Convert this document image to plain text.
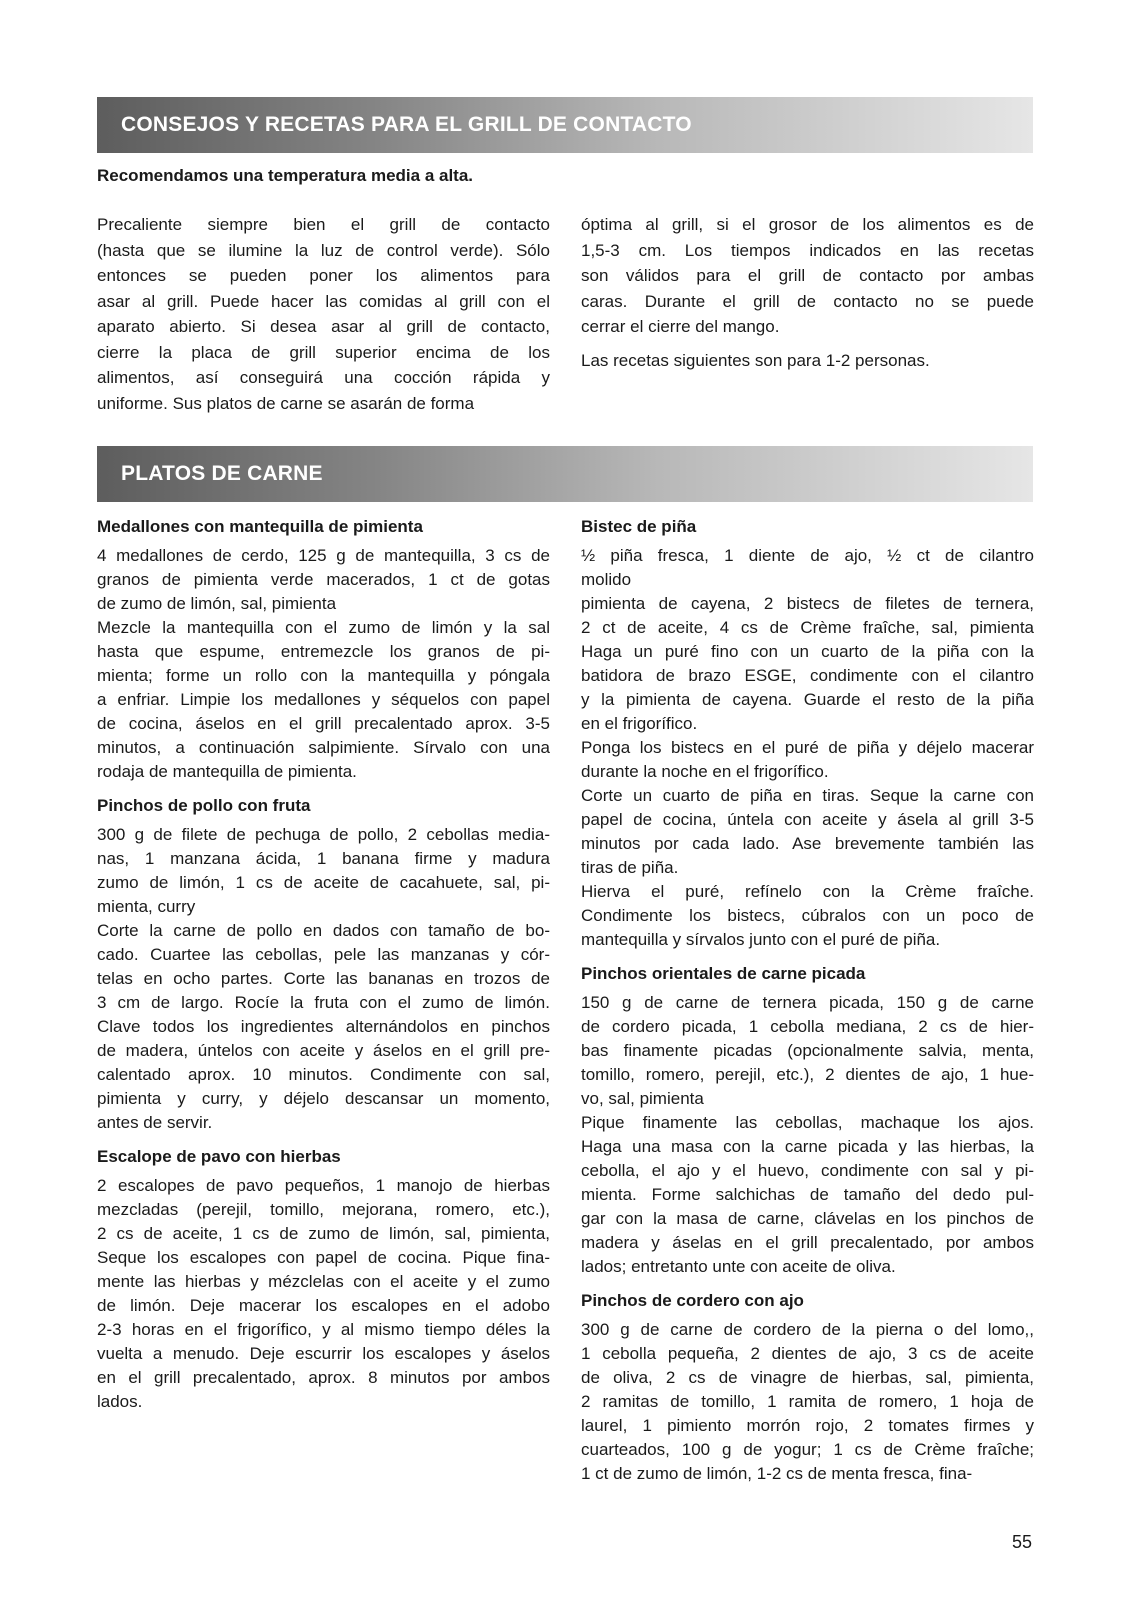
CONSEJOS Y RECETAS PARA EL GRILL DE CONTACTO
Recomendamos una temperatura media a alta.

Precaliente siempre bien el grill de contacto
(hasta que se ilumine la luz de control verde). Sólo
entonces se pueden poner los alimentos para
asar al grill. Puede hacer las comidas al grill con el
aparato abierto. Si desea asar al grill de contacto,
cierre la placa de grill superior encima de los
alimentos, así conseguirá una cocción rápida y
uniforme. Sus platos de carne se asarán de forma

óptima al grill, si el grosor de los alimentos es de
1,5-3 cm. Los tiempos indicados en las recetas
son válidos para el grill de contacto por ambas
caras. Durante el grill de contacto no se puede
cerrar el cierre del mango.

Las recetas siguientes son para 1-2 personas.

PLATOS DE CARNE
Medallones con mantequilla de pimienta
4 medallones de cerdo, 125 g de mantequilla, 3 cs de
granos de pimienta verde macerados, 1 ct de gotas
de zumo de limón, sal, pimienta
Mezcle la mantequilla con el zumo de limón y la sal
hasta que espume, entremezcle los granos de pi-
mienta; forme un rollo con la mantequilla y póngala
a enfriar. Limpie los medallones y séquelos con papel
de cocina, áselos en el grill precalentado aprox. 3-5
minutos, a continuación salpimiente. Sírvalo con una
rodaja de mantequilla de pimienta.
Pinchos de pollo con fruta
300 g de filete de pechuga de pollo, 2 cebollas media-
nas, 1 manzana ácida, 1 banana firme y madura
zumo de limón, 1 cs de aceite de cacahuete, sal, pi-
mienta, curry
Corte la carne de pollo en dados con tamaño de bo-
cado. Cuartee las cebollas, pele las manzanas y cór-
telas en ocho partes. Corte las bananas en trozos de
3 cm de largo. Rocíe la fruta con el zumo de limón.
Clave todos los ingredientes alternándolos en pinchos
de madera, úntelos con aceite y áselos en el grill pre-
calentado aprox. 10 minutos. Condimente con sal,
pimienta y curry, y déjelo descansar un momento,
antes de servir.
Escalope de pavo con hierbas
2 escalopes de pavo pequeños, 1 manojo de hierbas
mezcladas (perejil, tomillo, mejorana, romero, etc.),
2 cs de aceite, 1 cs de zumo de limón, sal, pimienta,
Seque los escalopes con papel de cocina. Pique fina-
mente las hierbas y mézclelas con el aceite y el zumo
de limón. Deje macerar los escalopes en el adobo
2-3 horas en el frigorífico, y al mismo tiempo déles la
vuelta a menudo. Deje escurrir los escalopes y áselos
en el grill precalentado, aprox. 8 minutos por ambos
lados.
Bistec de piña
½ piña fresca, 1 diente de ajo, ½ ct de cilantro
molido
pimienta de cayena, 2 bistecs de filetes de ternera,
2 ct de aceite, 4 cs de Crème fraîche, sal, pimienta
Haga un puré fino con un cuarto de la piña con la
batidora de brazo ESGE, condimente con el cilantro
y la pimienta de cayena. Guarde el resto de la piña
en el frigorífico.
Ponga los bistecs en el puré de piña y déjelo macerar
durante la noche en el frigorífico.
Corte un cuarto de piña en tiras. Seque la carne con
papel de cocina, úntela con aceite y ásela al grill 3-5
minutos por cada lado. Ase brevemente también las
tiras de piña.
Hierva el puré, refínelo con la Crème fraîche.
Condimente los bistecs, cúbralos con un poco de
mantequilla y sírvalos junto con el puré de piña.
Pinchos orientales de carne picada
150 g de carne de ternera picada, 150 g de carne
de cordero picada, 1 cebolla mediana, 2 cs de hier-
bas finamente picadas (opcionalmente salvia, menta,
tomillo, romero, perejil, etc.), 2 dientes de ajo, 1 hue-
vo, sal, pimienta
Pique finamente las cebollas, machaque los ajos.
Haga una masa con la carne picada y las hierbas, la
cebolla, el ajo y el huevo, condimente con sal y pi-
mienta. Forme salchichas de tamaño del dedo pul-
gar con la masa de carne, clávelas en los pinchos de
madera y áselas en el grill precalentado, por ambos
lados; entretanto unte con aceite de oliva.
Pinchos de cordero con ajo
300 g de carne de cordero de la pierna o del lomo,,
1 cebolla pequeña, 2 dientes de ajo, 3 cs de aceite
de oliva, 2 cs de vinagre de hierbas, sal, pimienta,
2 ramitas de tomillo, 1 ramita de romero, 1 hoja de
laurel, 1 pimiento morrón rojo, 2 tomates firmes y
cuarteados, 100 g de yogur; 1 cs de Crème fraîche;
1 ct de zumo de limón, 1-2 cs de menta fresca, fina-
55
